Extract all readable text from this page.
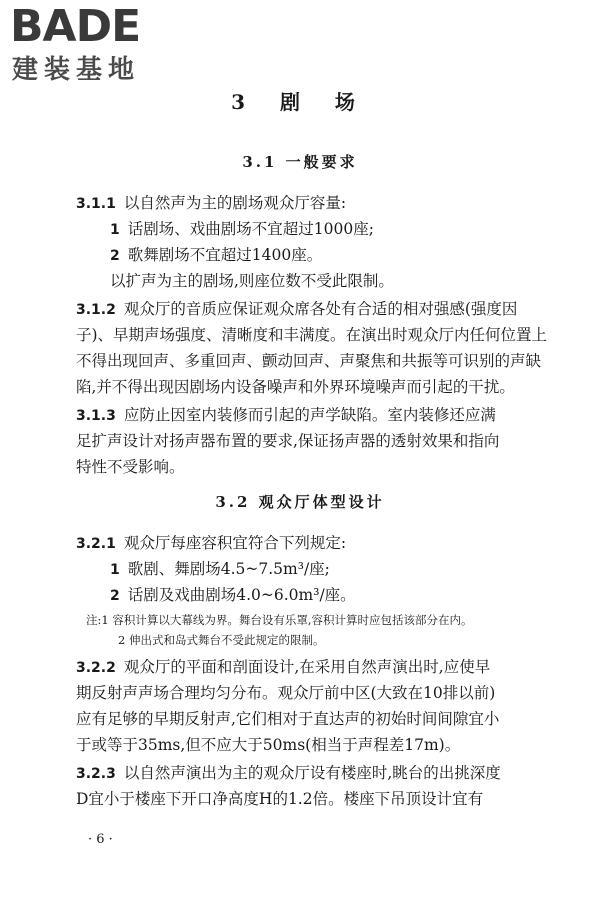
BADE
建装基地
3 剧 场
3.1 一般要求
3.1.1 以自然声为主的剧场观众厅容量:
1 话剧场、戏曲剧场不宜超过1000座;
2 歌舞剧场不宜超过1400座。
以扩声为主的剧场,则座位数不受此限制。
3.1.2 观众厅的音质应保证观众席各处有合适的相对强感(强度因
子)、早期声场强度、清晰度和丰满度。在演出时观众厅内任何位置上
不得出现回声、多重回声、颤动回声、声聚焦和共振等可识别的声缺
陷,并不得出现因剧场内设备噪声和外界环境噪声而引起的干扰。
3.1.3 应防止因室内装修而引起的声学缺陷。室内装修还应满
足扩声设计对扬声器布置的要求,保证扬声器的透射效果和指向
特性不受影响。
3.2 观众厅体型设计
3.2.1 观众厅每座容积宜符合下列规定:
1 歌剧、舞剧场4.5~7.5m³/座;
2 话剧及戏曲剧场4.0~6.0m³/座。
注:1 容积计算以大幕线为界。舞台设有乐罩,容积计算时应包括该部分在内。
2 伸出式和岛式舞台不受此规定的限制。
3.2.2 观众厅的平面和剖面设计,在采用自然声演出时,应使早
期反射声声场合理均匀分布。观众厅前中区(大致在10排以前)
应有足够的早期反射声,它们相对于直达声的初始时间间隙宜小
于或等于35ms,但不应大于50ms(相当于声程差17m)。
3.2.3 以自然声演出为主的观众厅设有楼座时,眺台的出挑深度
D宜小于楼座下开口净高度H的1.2倍。楼座下吊顶设计宜有
· 6 ·
